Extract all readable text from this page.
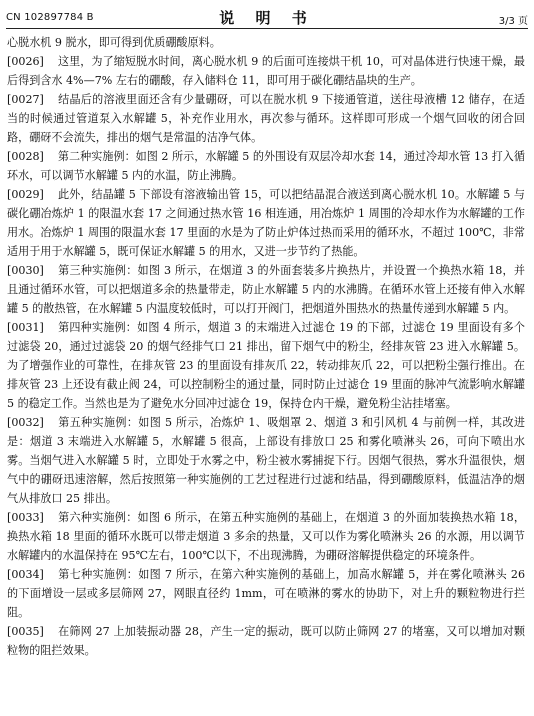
CN 102897784 B	说 明 书	3/3 页

心脱水机 9 脱水，即可得到优质硼酸原料。

[0026] 这里，为了缩短脱水时间，离心脱水机 9 的后面可连接烘干机 10，可对晶体进行快速干燥，最后得到含水 4%—7% 左右的硼酸，存入储料仓 11，即可用于碳化硼结晶块的生产。

[0027] 结晶后的溶液里面还含有少量硼砑，可以在脱水机 9 下接通管道，送往母液槽 12 储存，在适当的时候通过管道泵入水解罐 5，补充作业用水，再次参与循环。这样即可形成一个烟气回收的闭合回路，硼砑不会流失，排出的烟气是常温的洁净气体。

[0028] 第二种实施例：如图 2 所示，水解罐 5 的外围设有双层冷却水套 14，通过冷却水管 13 打入循环水，可以调节水解罐 5 内的水温，防止沸腾。

[0029] 此外，结晶罐 5 下部设有溶液输出管 15，可以把结晶混合液送到离心脱水机 10。水解罐 5 与碳化硼冶炼炉 1 的限温水套 17 之间通过热水管 16 相连通，用冶炼炉 1 周围的冷却水作为水解罐的工作用水。冶炼炉 1 周围的限温水套 17 里面的水是为了防止炉体过热而采用的循环水，不超过 100℃，非常适用于用于水解罐 5，既可保证水解罐 5 的用水，又进一步节约了热能。

[0030] 第三种实施例：如图 3 所示，在烟道 3 的外面套装多片换热片，并设置一个换热水箱 18，并且通过循环水管，可以把烟道多余的热量带走，防止水解罐 5 内的水沸腾。在循环水管上还接有伸入水解罐 5 的散热管，在水解罐 5 内温度较低时，可以打开阀门，把烟道外围热水的热量传递到水解罐 5 内。

[0031] 第四种实施例：如图 4 所示，烟道 3 的末端进入过滤仓 19 的下部，过滤仓 19 里面设有多个过滤袋 20，通过过滤袋 20 的烟气经排气口 21 排出，留下烟气中的粉尘，经排灰管 23 进入水解罐 5。为了增强作业的可靠性，在排灰管 23 的里面设有排灰爪 22，转动排灰爪 22，可以把粉尘强行推出。在排灰管 23 上还设有截止阀 24，可以控制粉尘的通过量，同时防止过滤仓 19 里面的脉冲气流影响水解罐 5 的稳定工作。当然也是为了避免水分回冲过滤仓 19，保持仓内干燥，避免粉尘沾挂堵塞。

[0032] 第五种实施例：如图 5 所示，冶炼炉 1、吸烟罩 2、烟道 3 和引风机 4 与前例一样，其改进是：烟道 3 末端进入水解罐 5，水解罐 5 很高，上部设有排放口 25 和雾化喷淋头 26，可向下喷出水雾。当烟气进入水解罐 5 时，立即处于水雾之中，粉尘被水雾捕捉下行。因烟气很热，雾水升温很快，烟气中的硼砑迅速溶解，然后按照第一种实施例的工艺过程进行过滤和结晶，得到硼酸原料，低温洁净的烟气从排放口 25 排出。

[0033] 第六种实施例：如图 6 所示，在第五种实施例的基础上，在烟道 3 的外面加装换热水箱 18，换热水箱 18 里面的循环水既可以带走烟道 3 多余的热量，又可以作为雾化喷淋头 26 的水源，用以调节水解罐内的水温保持在 95℃左右，100℃以下，不出现沸腾，为硼砑溶解提供稳定的环境条件。

[0034] 第七种实施例：如图 7 所示，在第六种实施例的基础上，加高水解罐 5，并在雾化喷淋头 26 的下面增设一层或多层筛网 27，网眼直径约 1mm，可在喷淋的雾水的协助下，对上升的颗粒物进行拦阻。

[0035] 在筛网 27 上加装振动器 28，产生一定的振动，既可以防止筛网 27 的堵塞，又可以增加对颗粒物的阻拦效果。
